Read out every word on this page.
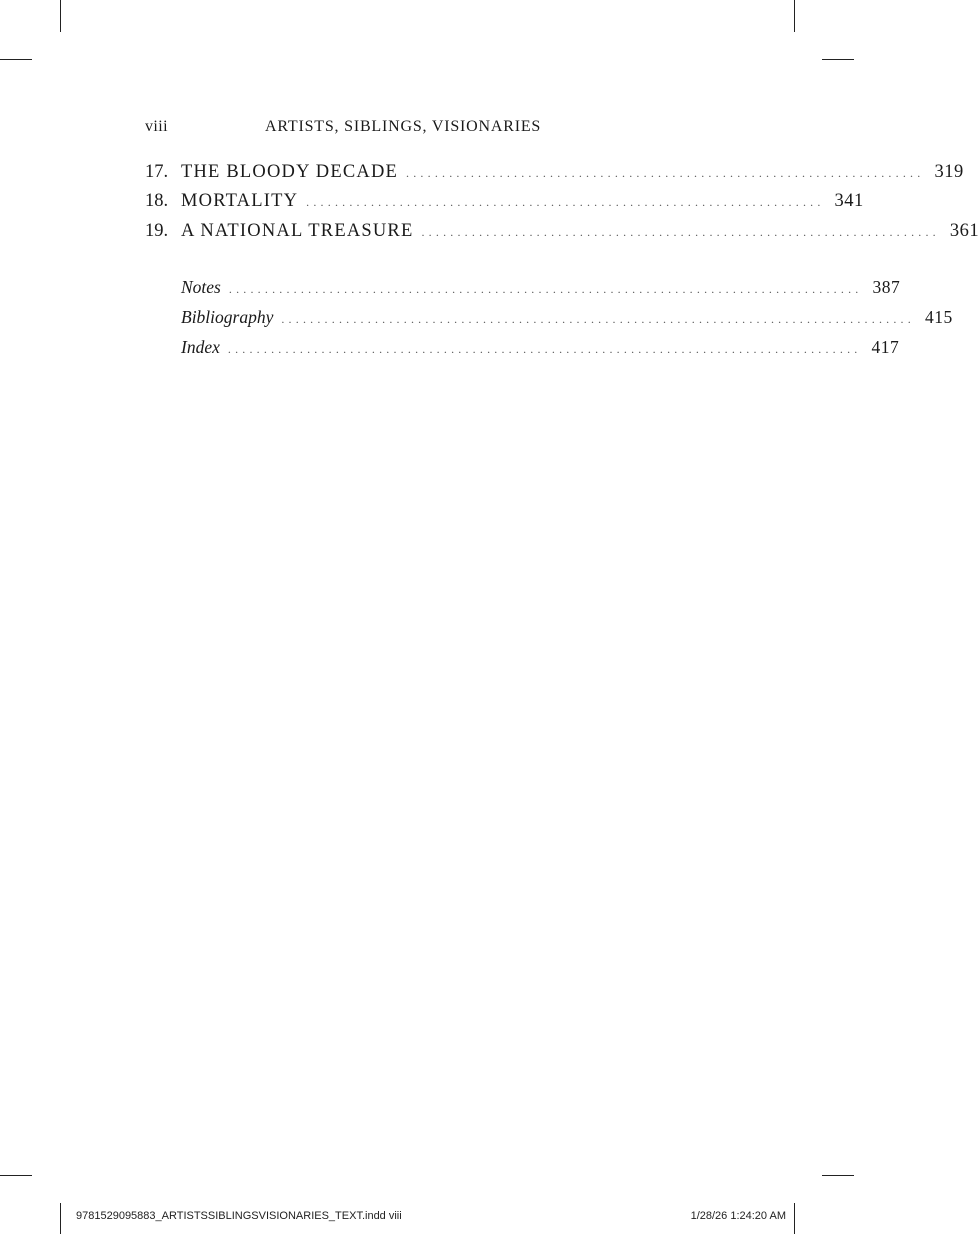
viii	ARTISTS, SIBLINGS, VISIONARIES
17. THE BLOODY DECADE ........................................................................ 319
18. MORTALITY ........................................................................ 341
19. A NATIONAL TREASURE ........................................................................ 361
Notes ........................................................................................ 387
Bibliography ........................................................................................ 415
Index ........................................................................................ 417
9781529095883_ARTISTSSIBLINGSVISIONARIES_TEXT.indd viii	1/28/26 1:24:20 AM
